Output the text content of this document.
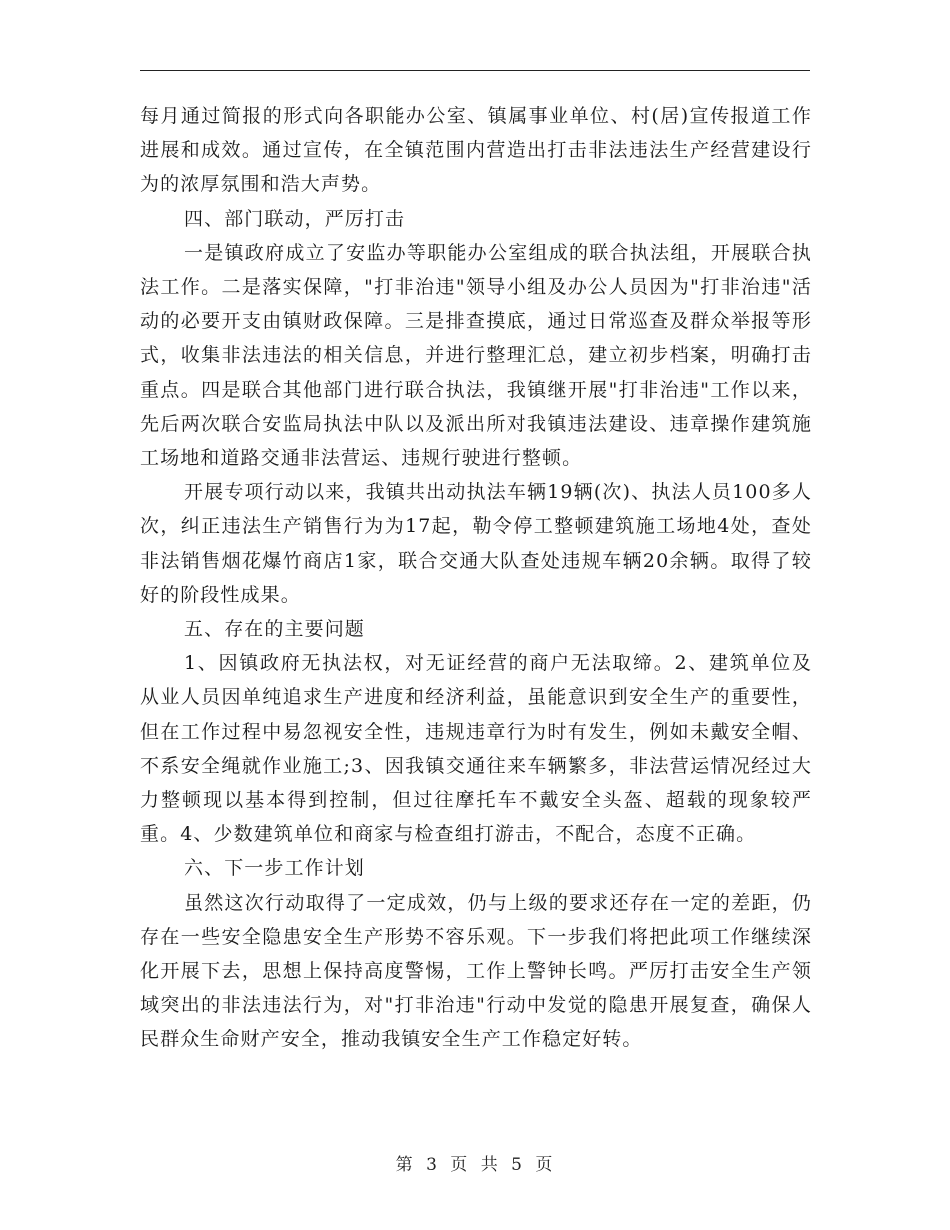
每月通过简报的形式向各职能办公室、镇属事业单位、村(居)宣传报道工作进展和成效。通过宣传，在全镇范围内营造出打击非法违法生产经营建设行为的浓厚氛围和浩大声势。

四、部门联动，严厉打击

一是镇政府成立了安监办等职能办公室组成的联合执法组，开展联合执法工作。二是落实保障，"打非治违"领导小组及办公人员因为"打非治违"活动的必要开支由镇财政保障。三是排查摸底，通过日常巡查及群众举报等形式，收集非法违法的相关信息，并进行整理汇总，建立初步档案，明确打击重点。四是联合其他部门进行联合执法，我镇继开展"打非治违"工作以来，先后两次联合安监局执法中队以及派出所对我镇违法建设、违章操作建筑施工场地和道路交通非法营运、违规行驶进行整顿。

开展专项行动以来，我镇共出动执法车辆19辆(次)、执法人员100多人次，纠正违法生产销售行为为17起，勒令停工整顿建筑施工场地4处，查处非法销售烟花爆竹商店1家，联合交通大队查处违规车辆20余辆。取得了较好的阶段性成果。

五、存在的主要问题

1、因镇政府无执法权，对无证经营的商户无法取缔。2、建筑单位及从业人员因单纯追求生产进度和经济利益，虽能意识到安全生产的重要性，但在工作过程中易忽视安全性，违规违章行为时有发生，例如未戴安全帽、不系安全绳就作业施工;3、因我镇交通往来车辆繁多，非法营运情况经过大力整顿现以基本得到控制，但过往摩托车不戴安全头盔、超载的现象较严重。4、少数建筑单位和商家与检查组打游击，不配合，态度不正确。

六、下一步工作计划

虽然这次行动取得了一定成效，仍与上级的要求还存在一定的差距，仍存在一些安全隐患安全生产形势不容乐观。下一步我们将把此项工作继续深化开展下去，思想上保持高度警惕，工作上警钟长鸣。严厉打击安全生产领域突出的非法违法行为，对"打非治违"行动中发觉的隐患开展复查，确保人民群众生命财产安全，推动我镇安全生产工作稳定好转。

第 3 页 共 5 页
